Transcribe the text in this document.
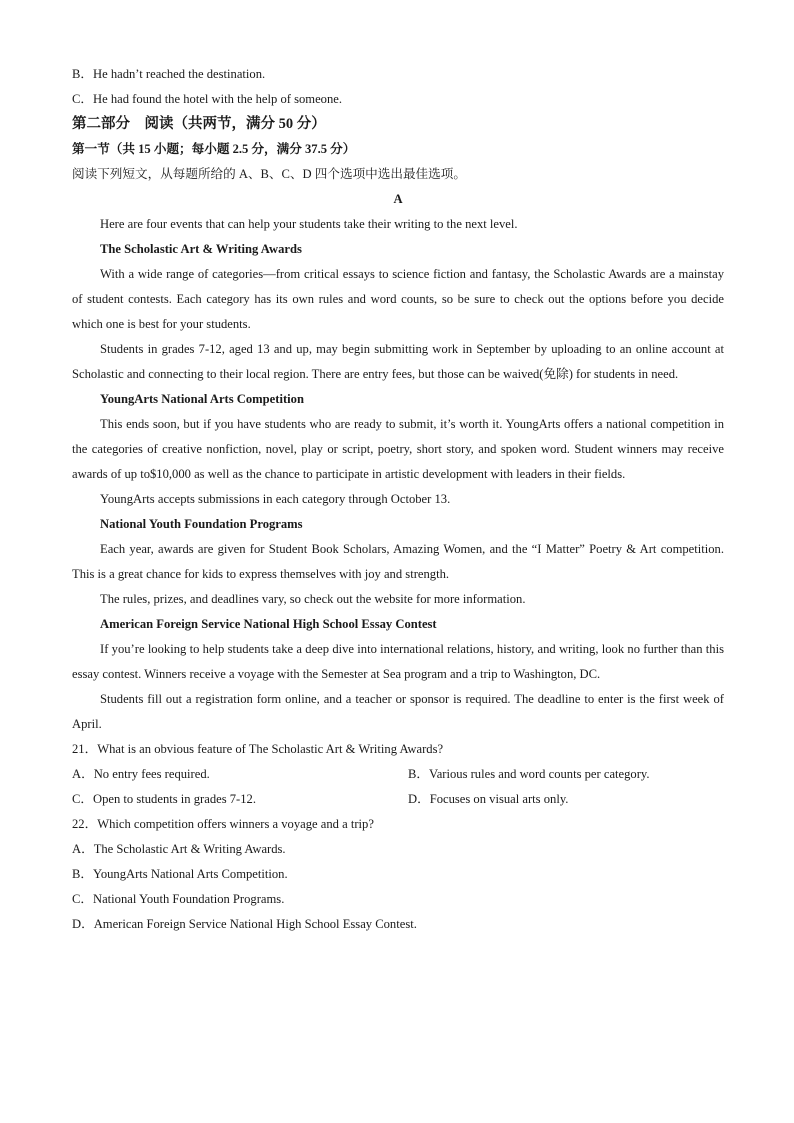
B．He hadn’t reached the destination.
C．He had found the hotel with the help of someone.
第二部分　阅读（共两节，满分 50 分）
第一节（共 15 小题；每小题 2.5 分，满分 37.5 分）
阅读下列短文，从每题所给的 A、B、C、D 四个选项中选出最佳选项。
A

Here are four events that can help your students take their writing to the next level.

The Scholastic Art & Writing Awards

With a wide range of categories—from critical essays to science fiction and fantasy, the Scholastic Awards are a mainstay of student contests. Each category has its own rules and word counts, so be sure to check out the options before you decide which one is best for your students.

Students in grades 7-12, aged 13 and up, may begin submitting work in September by uploading to an online account at Scholastic and connecting to their local region. There are entry fees, but those can be waived(免除) for students in need.

YoungArts National Arts Competition

This ends soon, but if you have students who are ready to submit, it’s worth it. YoungArts offers a national competition in the categories of creative nonfiction, novel, play or script, poetry, short story, and spoken word. Student winners may receive awards of up to$10,000 as well as the chance to participate in artistic development with leaders in their fields.

YoungArts accepts submissions in each category through October 13.

National Youth Foundation Programs

Each year, awards are given for Student Book Scholars, Amazing Women, and the “I Matter” Poetry & Art competition. This is a great chance for kids to express themselves with joy and strength.

The rules, prizes, and deadlines vary, so check out the website for more information.

American Foreign Service National High School Essay Contest

If you’re looking to help students take a deep dive into international relations, history, and writing, look no further than this essay contest. Winners receive a voyage with the Semester at Sea program and a trip to Washington, DC.

Students fill out a registration form online, and a teacher or sponsor is required. The deadline to enter is the first week of April.

21．What is an obvious feature of The Scholastic Art & Writing Awards?
A．No entry fees required.	B．Various rules and word counts per category.
C．Open to students in grades 7-12.	D．Focuses on visual arts only.
22．Which competition offers winners a voyage and a trip?
A．The Scholastic Art & Writing Awards.
B．YoungArts National Arts Competition.
C．National Youth Foundation Programs.
D．American Foreign Service National High School Essay Contest.
